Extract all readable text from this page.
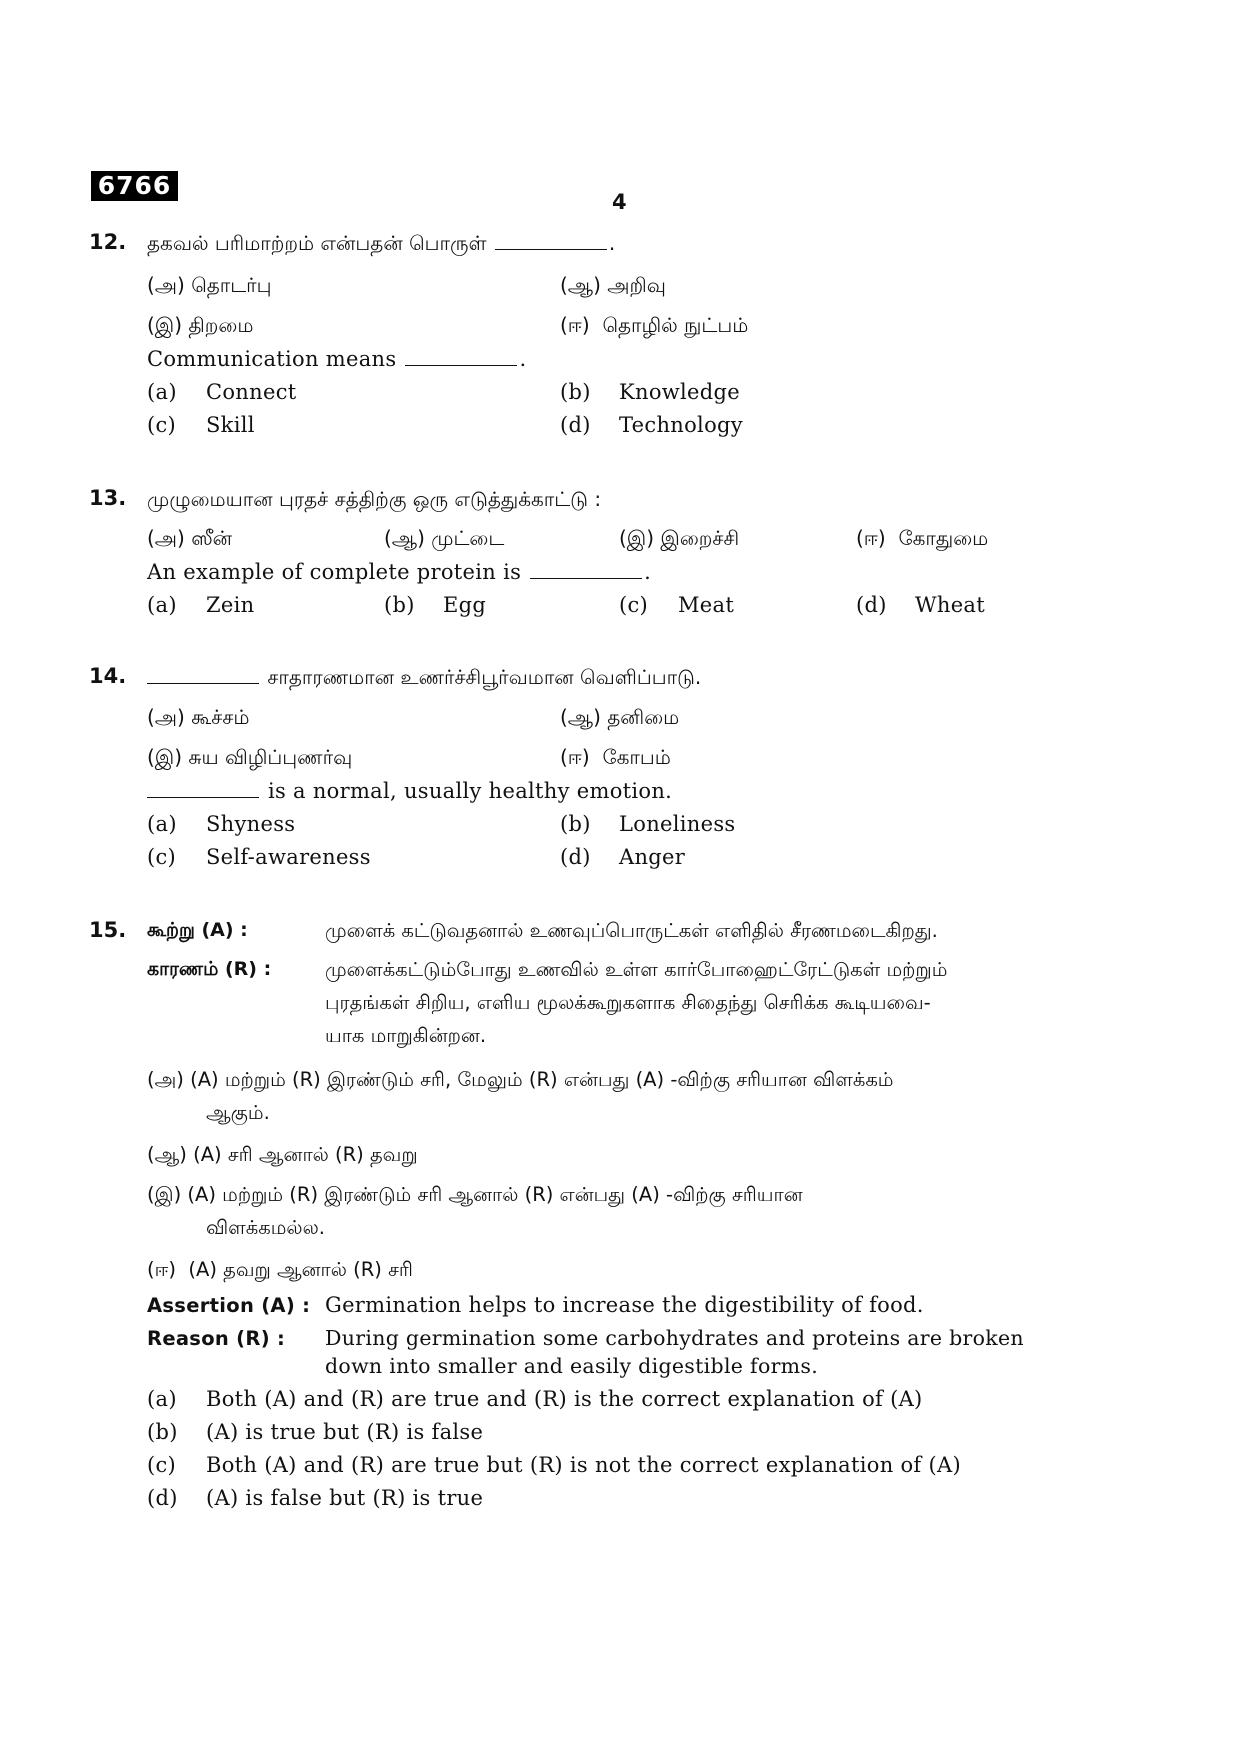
6766
4
12. தகவல் பரிமாற்றம் என்பதன் பொருள்	.
(அ) தொடர்பு	(ஆ) அறிவு
(இ) திறமை	(ஈ) தொழில் நுட்பம்
Communication means	.
(a) Connect	(b) Knowledge
(c) Skill	(d) Technology
13. முழுமையான புரதச் சத்திற்கு ஒரு எடுத்துக்காட்டு :
(அ) ஸீன்	(ஆ) முட்டை	(இ) இறைச்சி	(ஈ) கோதுமை
An example of complete protein is	.
(a) Zein	(b) Egg	(c) Meat	(d) Wheat
14.	சாதாரணமான உணர்ச்சிபூர்வமான வெளிப்பாடு.
(அ) கூச்சம்	(ஆ) தனிமை
(இ) சுய விழிப்புணர்வு	(ஈ) கோபம்
is a normal, usually healthy emotion.
(a) Shyness	(b) Loneliness
(c) Self-awareness	(d) Anger
15. கூற்று (A) :	முளைக் கட்டுவதனால் உணவுப்பொருட்கள் எளிதில் சீரணமடைகிறது.
காரணம் (R) :	முளைக்கட்டும்போது உணவில் உள்ள கார்போஹைட்ரேட்டுகள் மற்றும்
புரதங்கள் சிறிய, எளிய மூலக்கூறுகளாக சிதைந்து செரிக்க கூடியவை-
யாக மாறுகின்றன.
(அ) (A) மற்றும் (R) இரண்டும் சரி, மேலும் (R) என்பது (A) -விற்கு சரியான விளக்கம்
ஆகும்.
(ஆ) (A) சரி ஆனால் (R) தவறு
(இ) (A) மற்றும் (R) இரண்டும் சரி ஆனால் (R) என்பது (A) -விற்கு சரியான
விளக்கமல்ல.
(ஈ) (A) தவறு ஆனால் (R) சரி
Assertion (A) : Germination helps to increase the digestibility of food.
Reason (R) : During germination some carbohydrates and proteins are broken
down into smaller and easily digestible forms.
(a) Both (A) and (R) are true and (R) is the correct explanation of (A)
(b) (A) is true but (R) is false
(c) Both (A) and (R) are true but (R) is not the correct explanation of (A)
(d) (A) is false but (R) is true
